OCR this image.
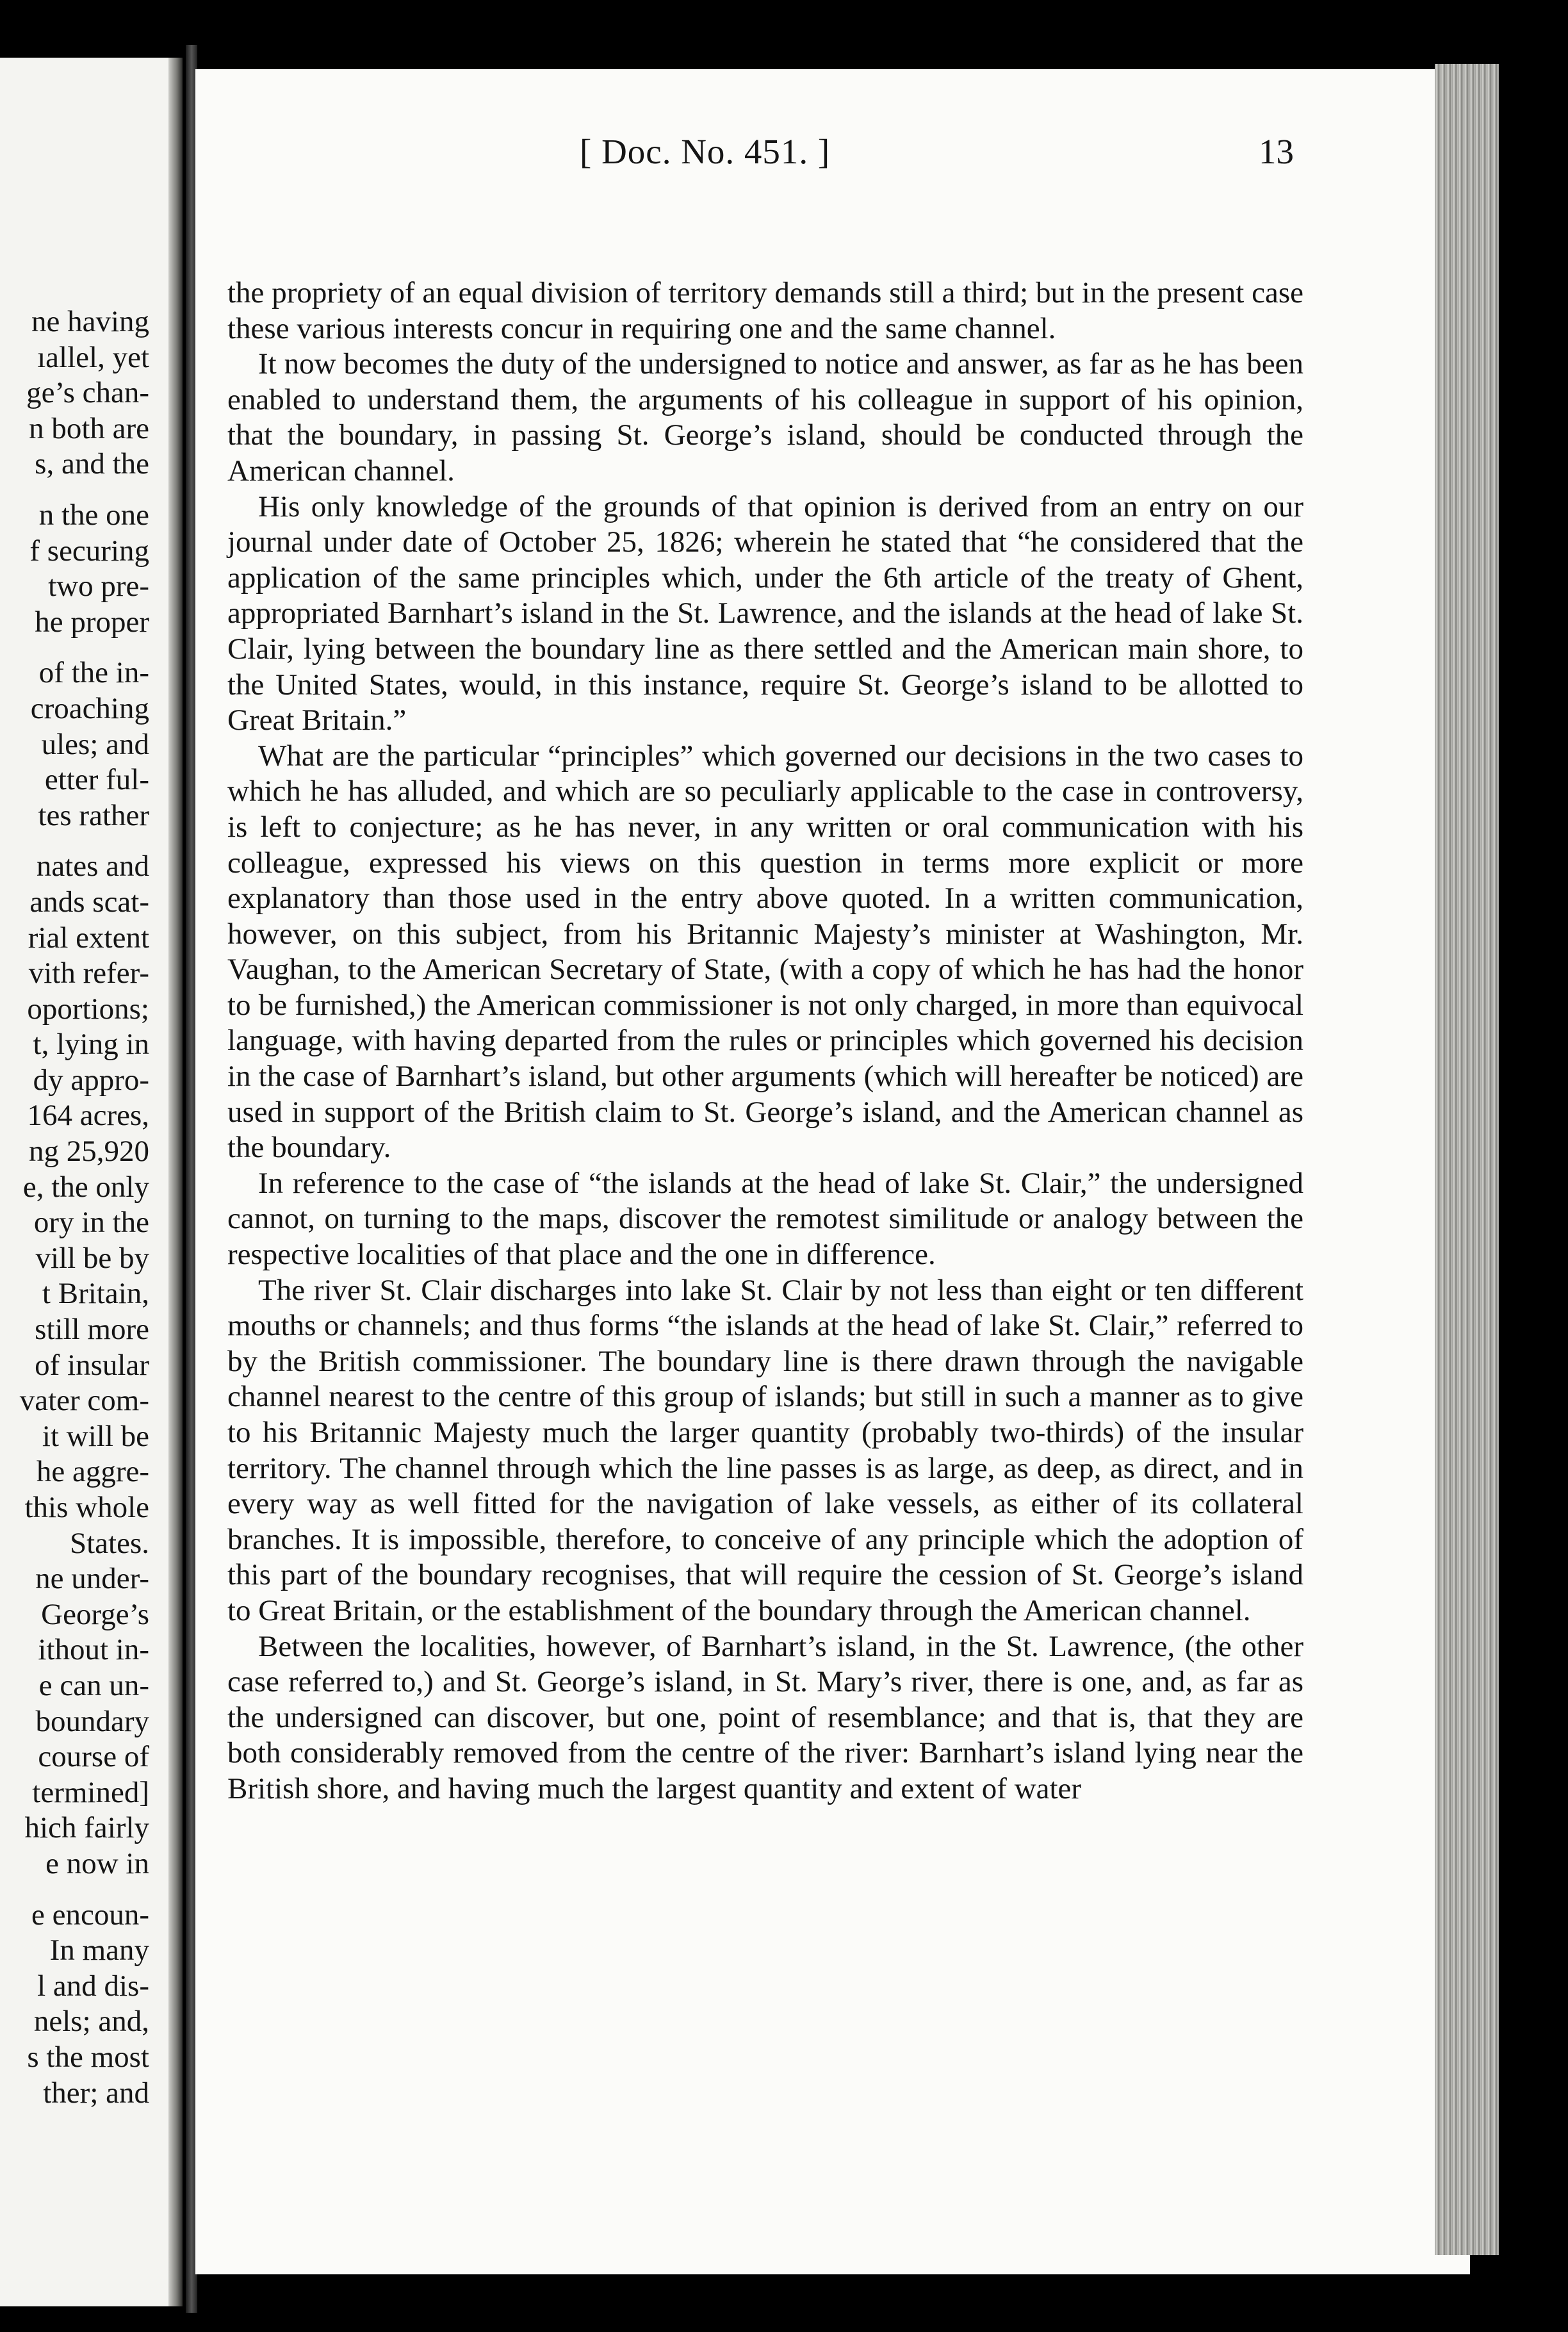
ne having
ıallel, yet
ge’s chan-
n both are
s, and the
n the one
f securing
two pre-
he proper
of the in-
croaching
ules; and
etter ful-
tes rather
nates and
ands scat-
rial extent
vith refer-
oportions;
t, lying in
dy appro-
164 acres,
ng 25,920
e, the only
ory in the
vill be by
t Britain,
still more
of insular
vater com-
it will be
he aggre-
this whole
States.
ne under-
George’s
ithout in-
e can un-
boundary
course of
termined]
hich fairly
e now in
e encoun-
In many
l and dis-
nels; and,
s the most
ther; and
[ Doc. No. 451. ]	13

the propriety of an equal division of territory demands still a third; but in the present case these various interests concur in requiring one and the same channel.

It now becomes the duty of the undersigned to notice and answer, as far as he has been enabled to understand them, the arguments of his colleague in support of his opinion, that the boundary, in passing St. George’s island, should be conducted through the American channel.

His only knowledge of the grounds of that opinion is derived from an entry on our journal under date of October 25, 1826; wherein he stated that “he considered that the application of the same principles which, under the 6th article of the treaty of Ghent, appropriated Barnhart’s island in the St. Lawrence, and the islands at the head of lake St. Clair, lying between the boundary line as there settled and the American main shore, to the United States, would, in this instance, require St. George’s island to be allotted to Great Britain.”

What are the particular “principles” which governed our decisions in the two cases to which he has alluded, and which are so peculiarly applicable to the case in controversy, is left to conjecture; as he has never, in any written or oral communication with his colleague, expressed his views on this question in terms more explicit or more explanatory than those used in the entry above quoted. In a written communication, however, on this subject, from his Britannic Majesty’s minister at Washington, Mr. Vaughan, to the American Secretary of State, (with a copy of which he has had the honor to be furnished,) the American commissioner is not only charged, in more than equivocal language, with having departed from the rules or principles which governed his decision in the case of Barnhart’s island, but other arguments (which will hereafter be noticed) are used in support of the British claim to St. George’s island, and the American channel as the boundary.

In reference to the case of “the islands at the head of lake St. Clair,” the undersigned cannot, on turning to the maps, discover the remotest similitude or analogy between the respective localities of that place and the one in difference.

The river St. Clair discharges into lake St. Clair by not less than eight or ten different mouths or channels; and thus forms “the islands at the head of lake St. Clair,” referred to by the British commissioner. The boundary line is there drawn through the navigable channel nearest to the centre of this group of islands; but still in such a manner as to give to his Britannic Majesty much the larger quantity (probably two-thirds) of the insular territory. The channel through which the line passes is as large, as deep, as direct, and in every way as well fitted for the navigation of lake vessels, as either of its collateral branches. It is impossible, therefore, to conceive of any principle which the adoption of this part of the boundary recognises, that will require the cession of St. George’s island to Great Britain, or the establishment of the boundary through the American channel.

Between the localities, however, of Barnhart’s island, in the St. Lawrence, (the other case referred to,) and St. George’s island, in St. Mary’s river, there is one, and, as far as the undersigned can discover, but one, point of resemblance; and that is, that they are both considerably removed from the centre of the river: Barnhart’s island lying near the British shore, and having much the largest quantity and extent of water
